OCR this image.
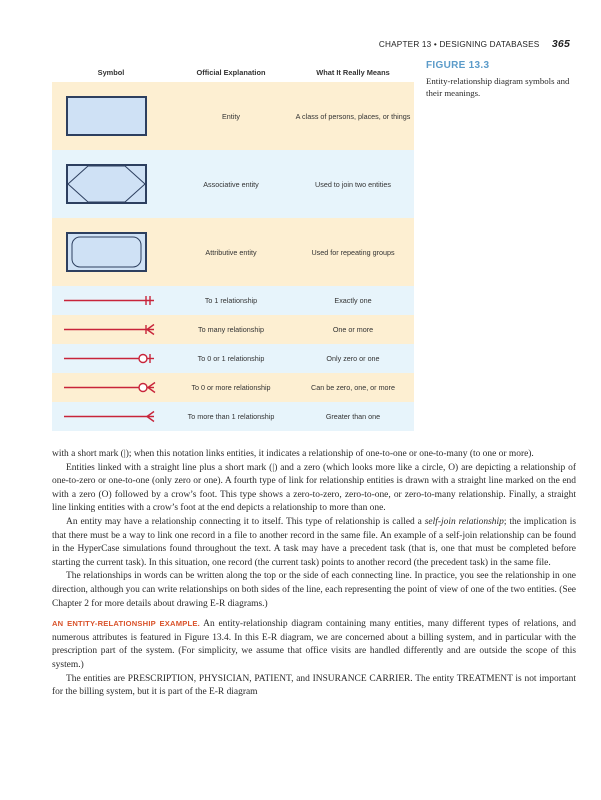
CHAPTER 13 • DESIGNING DATABASES 365
FIGURE 13.3
Entity-relationship diagram symbols and their meanings.
Symbol	Official Explanation	What It Really Means
Entity	A class of persons, places, or things
Associative entity	Used to join two entities
Attributive entity	Used for repeating groups
To 1 relationship	Exactly one
To many relationship	One or more
To 0 or 1 relationship	Only zero or one
To 0 or more relationship	Can be zero, one, or more
To more than 1 relationship	Greater than one

with a short mark (|); when this notation links entities, it indicates a relationship of one-to-one or one-to-many (to one or more).

Entities linked with a straight line plus a short mark (|) and a zero (which looks more like a circle, O) are depicting a relationship of one-to-zero or one-to-one (only zero or one). A fourth type of link for relationship entities is drawn with a straight line marked on the end with a zero (O) followed by a crow’s foot. This type shows a zero-to-zero, zero-to-one, or zero-to-many relationship. Finally, a straight line linking entities with a crow’s foot at the end depicts a relationship to more than one.

An entity may have a relationship connecting it to itself. This type of relationship is called a self-join relationship; the implication is that there must be a way to link one record in a file to another record in the same file. An example of a self-join relationship can be found in the HyperCase simulations found throughout the text. A task may have a precedent task (that is, one that must be completed before starting the current task). In this situation, one record (the current task) points to another record (the precedent task) in the same file.

The relationships in words can be written along the top or the side of each connecting line. In practice, you see the relationship in one direction, although you can write relationships on both sides of the line, each representing the point of view of one of the two entities. (See Chapter 2 for more details about drawing E-R diagrams.)

AN ENTITY-RELATIONSHIP EXAMPLE. An entity-relationship diagram containing many entities, many different types of relations, and numerous attributes is featured in Figure 13.4. In this E-R diagram, we are concerned about a billing system, and in particular with the prescription part of the system. (For simplicity, we assume that office visits are handled differently and are outside the scope of this system.)

The entities are PRESCRIPTION, PHYSICIAN, PATIENT, and INSURANCE CARRIER. The entity TREATMENT is not important for the billing system, but it is part of the E-R diagram
